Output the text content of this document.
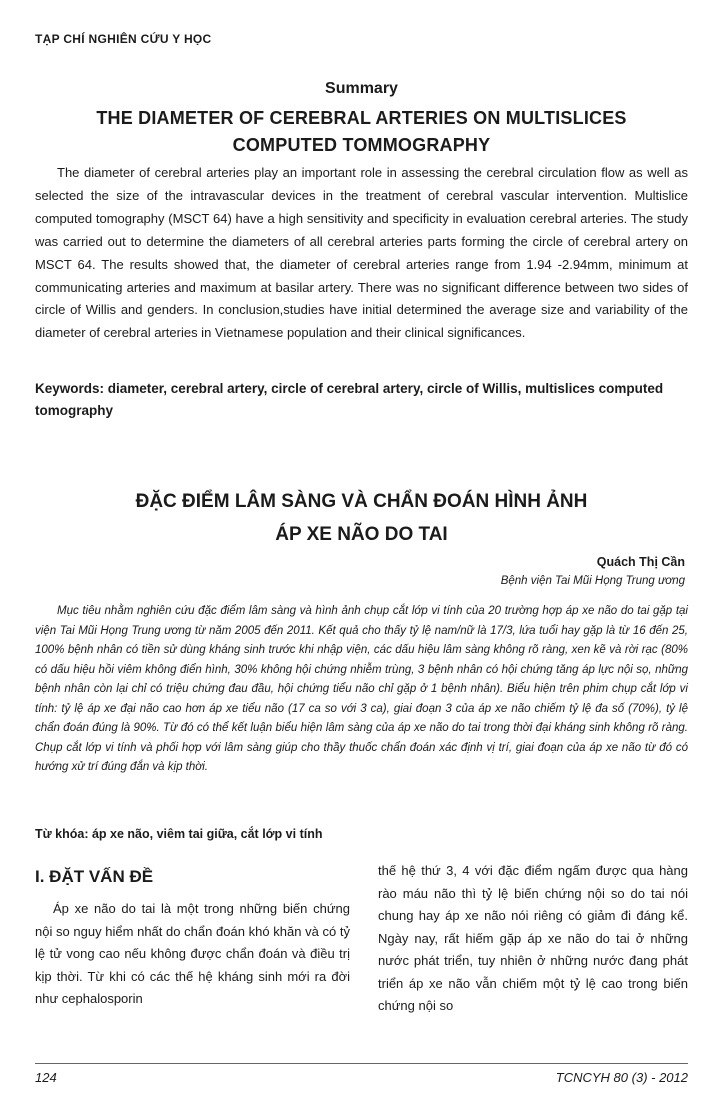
TẠP CHÍ NGHIÊN CỨU Y HỌC
Summary
THE DIAMETER OF CEREBRAL ARTERIES ON MULTISLICES
COMPUTED TOMMOGRAPHY

The diameter of cerebral arteries play an important role in assessing the cerebral circulation flow as well as selected the size of the intravascular devices in the treatment of cerebral vascular intervention. Multislice computed tomography (MSCT 64) have a high sensitivity and specificity in evaluation cerebral arteries. The study was carried out to determine the diameters of all cerebral arteries parts forming the circle of cerebral artery on MSCT 64. The results showed that, the diameter of cerebral arteries range from 1.94 -2.94mm, minimum at communicating arteries and maximum at basilar artery. There was no significant difference between two sides of circle of Willis and genders. In conclusion,studies have initial determined the average size and variability of the diameter of cerebral arteries in Vietnamese population and their clinical significances.

Keywords: diameter, cerebral artery, circle of cerebral artery, circle of Willis, multislices computed tomography
ĐẶC ĐIỂM LÂM SÀNG VÀ CHẨN ĐOÁN HÌNH ẢNH
ÁP XE NÃO DO TAI
Quách Thị Cần
Bệnh viện Tai Mũi Họng Trung ương

Mục tiêu nhằm nghiên cứu đặc điểm lâm sàng và hình ảnh chụp cắt lớp vi tính của 20 trường hợp áp xe não do tai gặp tại viện Tai Mũi Họng Trung ương từ năm 2005 đến 2011. Kết quả cho thấy tỷ lệ nam/nữ là 17/3, lứa tuổi hay gặp là từ 16 đến 25, 100% bệnh nhân có tiền sử dùng kháng sinh trước khi nhập viện, các dấu hiệu lâm sàng không rõ ràng, xen kẽ và rời rạc (80% có dấu hiệu hồi viêm không điển hình, 30% không hội chứng nhiễm trùng, 3 bệnh nhân có hội chứng tăng áp lực nội sọ, những bệnh nhân còn lại chỉ có triệu chứng đau đầu, hội chứng tiểu não chỉ gặp ở 1 bệnh nhân). Biểu hiện trên phim chụp cắt lớp vi tính: tỷ lệ áp xe đại não cao hơn áp xe tiểu não (17 ca so với 3 ca), giai đoạn 3 của áp xe não chiếm tỷ lệ đa số (70%), tỷ lệ chẩn đoán đúng là 90%. Từ đó có thể kết luận biểu hiện lâm sàng của áp xe não do tai trong thời đại kháng sinh không rõ ràng. Chụp cắt lớp vi tính và phối hợp với lâm sàng giúp cho thầy thuốc chẩn đoán xác định vị trí, giai đoạn của áp xe não từ đó có hướng xử trí đúng đắn và kịp thời.

Từ khóa: áp xe não, viêm tai giữa, cắt lớp vi tính
I. ĐẶT VẤN ĐỀ

Áp xe não do tai là một trong những biến chứng nội so nguy hiểm nhất do chẩn đoán khó khăn và có tỷ lệ tử vong cao nếu không được chẩn đoán và điều trị kịp thời. Từ khi có các thế hệ kháng sinh mới ra đời như cephalosporin

thế hệ thứ 3, 4 với đặc điểm ngấm được qua hàng rào máu não thì tỷ lệ biến chứng nội so do tai nói chung hay áp xe não nói riêng có giảm đi đáng kể. Ngày nay, rất hiếm gặp áp xe não do tai ở những nước phát triển, tuy nhiên ở những nước đang phát triển áp xe não vẫn chiếm một tỷ lệ cao trong biến chứng nội so

124	TCNCYH 80 (3) - 2012
